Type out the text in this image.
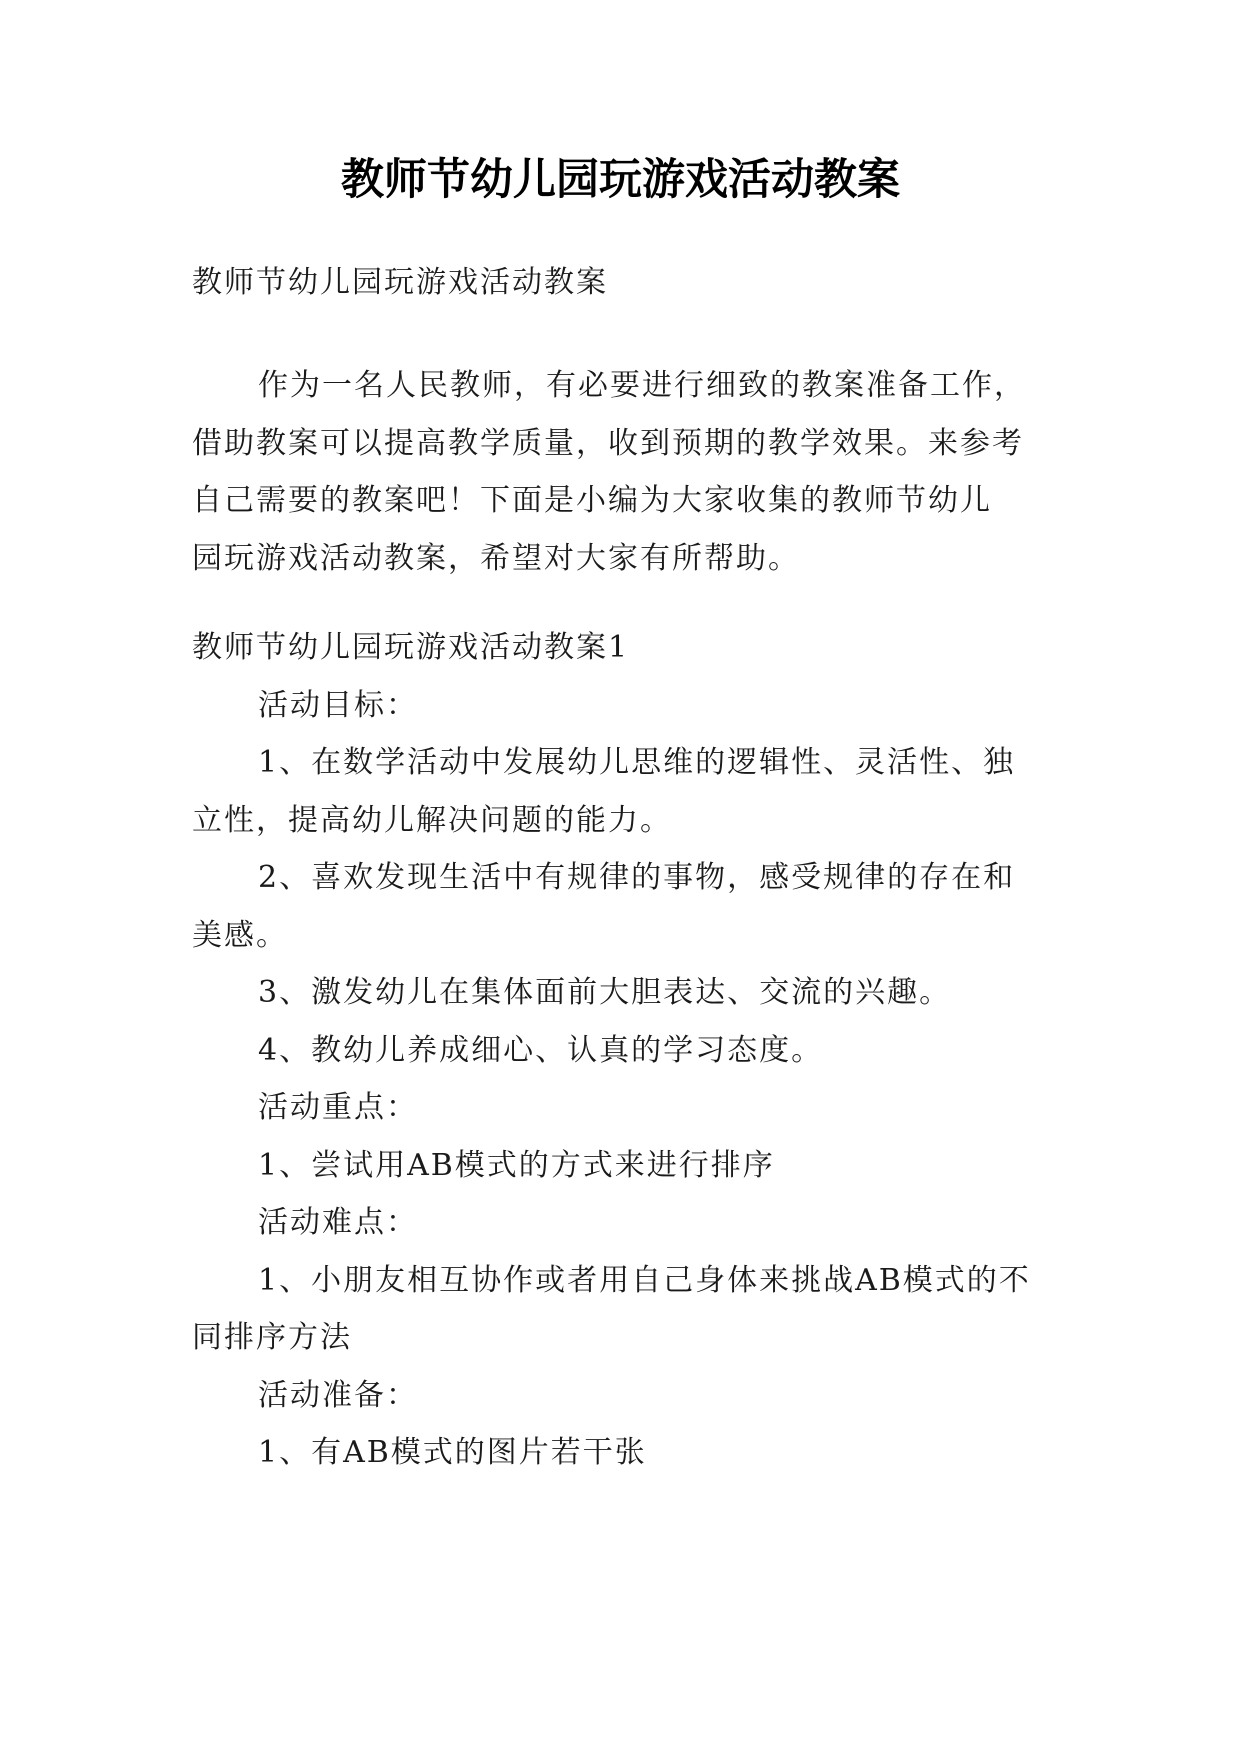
教师节幼儿园玩游戏活动教案
教师节幼儿园玩游戏活动教案
作为一名人民教师，有必要进行细致的教案准备工作，
借助教案可以提高教学质量，收到预期的教学效果。来参考
自己需要的教案吧！下面是小编为大家收集的教师节幼儿
园玩游戏活动教案，希望对大家有所帮助。
教师节幼儿园玩游戏活动教案1
活动目标：
1、在数学活动中发展幼儿思维的逻辑性、灵活性、独
立性，提高幼儿解决问题的能力。
2、喜欢发现生活中有规律的事物，感受规律的存在和
美感。
3、激发幼儿在集体面前大胆表达、交流的兴趣。
4、教幼儿养成细心、认真的学习态度。
活动重点：
1、尝试用AB模式的方式来进行排序
活动难点：
1、小朋友相互协作或者用自己身体来挑战AB模式的不
同排序方法
活动准备：
1、有AB模式的图片若干张
